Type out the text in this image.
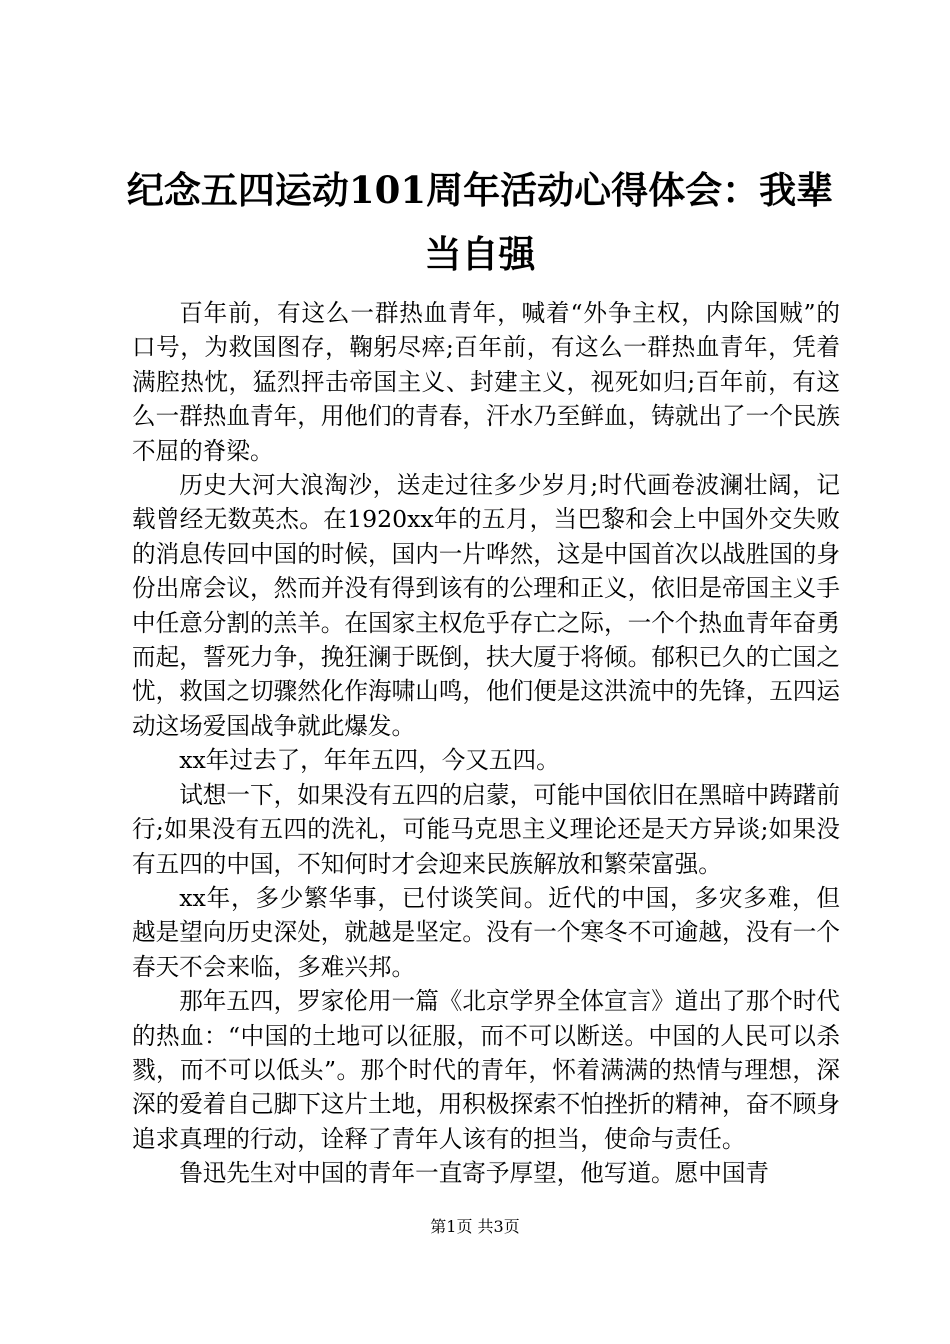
纪念五四运动101周年活动心得体会：我辈当自强

百年前，有这么一群热血青年，喊着“外争主权，内除国贼”的口号，为救国图存，鞠躬尽瘁;百年前，有这么一群热血青年，凭着满腔热忱，猛烈抨击帝国主义、封建主义，视死如归;百年前，有这么一群热血青年，用他们的青春，汗水乃至鲜血，铸就出了一个民族不屈的脊梁。

历史大河大浪淘沙，送走过往多少岁月;时代画卷波澜壮阔，记载曾经无数英杰。在1920xx年的五月，当巴黎和会上中国外交失败的消息传回中国的时候，国内一片哗然，这是中国首次以战胜国的身份出席会议，然而并没有得到该有的公理和正义，依旧是帝国主义手中任意分割的羔羊。在国家主权危乎存亡之际，一个个热血青年奋勇而起，誓死力争，挽狂澜于既倒，扶大厦于将倾。郁积已久的亡国之忧，救国之切骤然化作海啸山鸣，他们便是这洪流中的先锋，五四运动这场爱国战争就此爆发。

xx年过去了，年年五四，今又五四。

试想一下，如果没有五四的启蒙，可能中国依旧在黑暗中踌躇前行;如果没有五四的洗礼，可能马克思主义理论还是天方异谈;如果没有五四的中国，不知何时才会迎来民族解放和繁荣富强。

xx年，多少繁华事，已付谈笑间。近代的中国，多灾多难，但越是望向历史深处，就越是坚定。没有一个寒冬不可逾越，没有一个春天不会来临，多难兴邦。

那年五四，罗家伦用一篇《北京学界全体宣言》道出了那个时代的热血：“中国的土地可以征服，而不可以断送。中国的人民可以杀戮，而不可以低头”。那个时代的青年，怀着满满的热情与理想，深深的爱着自己脚下这片土地，用积极探索不怕挫折的精神，奋不顾身追求真理的行动，诠释了青年人该有的担当，使命与责任。

鲁迅先生对中国的青年一直寄予厚望，他写道。愿中国青

第1页 共3页
